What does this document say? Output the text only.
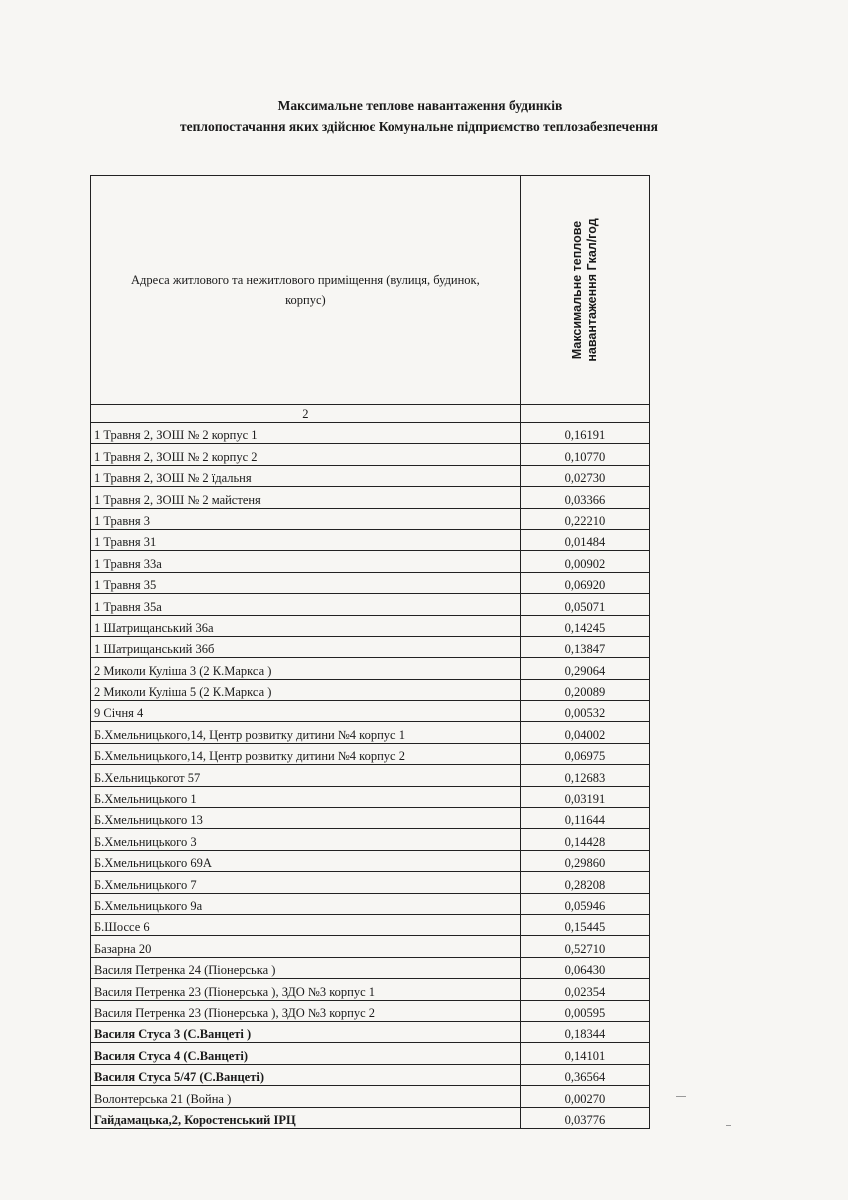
Максимальне теплове навантаження будинків
теплопостачання яких здійснює Комунальне підприємство теплозабезпечення
Адреса житлового та нежитлового приміщення (вулиця, будинок, корпус)	Максимальне теплове навантаження Гкал/год

2	
1 Травня 2, ЗОШ № 2 корпус 1	0,16191
1 Травня 2, ЗОШ № 2 корпус 2	0,10770
1 Травня 2, ЗОШ № 2 їдальня	0,02730
1 Травня 2, ЗОШ № 2 майстеня	0,03366
1 Травня 3	0,22210
1 Травня 31	0,01484
1 Травня 33а	0,00902
1 Травня 35	0,06920
1 Травня 35а	0,05071
1 Шатрищанський 36а	0,14245
1 Шатрищанський 36б	0,13847
2 Миколи Куліша 3 (2 К.Маркса )	0,29064
2 Миколи Куліша 5 (2 К.Маркса )	0,20089
9 Січня 4	0,00532
Б.Хмельницького,14, Центр розвитку дитини №4 корпус 1	0,04002
Б.Хмельницького,14, Центр розвитку дитини №4 корпус 2	0,06975
Б.Хельницькогот 57	0,12683
Б.Хмельницького 1	0,03191
Б.Хмельницького 13	0,11644
Б.Хмельницького 3	0,14428
Б.Хмельницького 69А	0,29860
Б.Хмельницького 7	0,28208
Б.Хмельницького 9а	0,05946
Б.Шоссе 6	0,15445
Базарна 20	0,52710
Василя Петренка 24 (Піонерська )	0,06430
Василя Петренка 23 (Піонерська ), ЗДО №3 корпус 1	0,02354
Василя Петренка 23 (Піонерська ), ЗДО №3 корпус 2	0,00595
Василя Стуса 3 (С.Ванцеті )	0,18344
Василя Стуса 4 (С.Ванцеті)	0,14101
Василя Стуса 5/47 (С.Ванцеті)	0,36564
Волонтерська 21 (Война )	0,00270
Гайдамацька,2, Коростенський ІРЦ	0,03776
